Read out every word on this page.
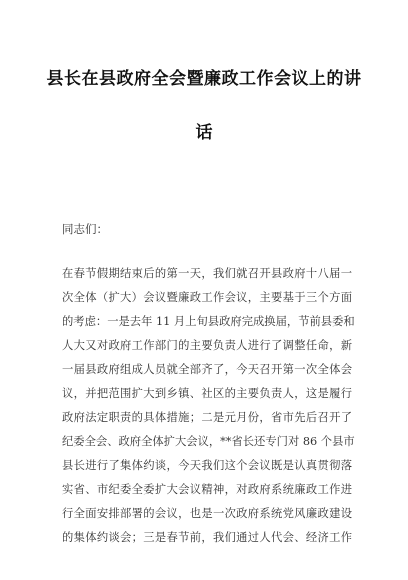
县长在县政府全会暨廉政工作会议上的讲
话
同志们：
在春节假期结束后的第一天，我们就召开县政府十八届一
次全体（扩大）会议暨廉政工作会议，主要基于三个方面
的考虑：一是去年 11 月上旬县政府完成换届，节前县委和
人大又对政府工作部门的主要负责人进行了调整任命，新
一届县政府组成人员就全部齐了，今天召开第一次全体会
议，并把范围扩大到乡镇、社区的主要负责人，这是履行
政府法定职责的具体措施；二是元月份，省市先后召开了
纪委全会、政府全体扩大会议，**省长还专门对 86 个县市
县长进行了集体约谈，今天我们这个会议既是认真贯彻落
实省、市纪委全委扩大会议精神，对政府系统廉政工作进
行全面安排部署的会议，也是一次政府系统党风廉政建设
的集体约谈会；三是春节前，我们通过人代会、经济工作
